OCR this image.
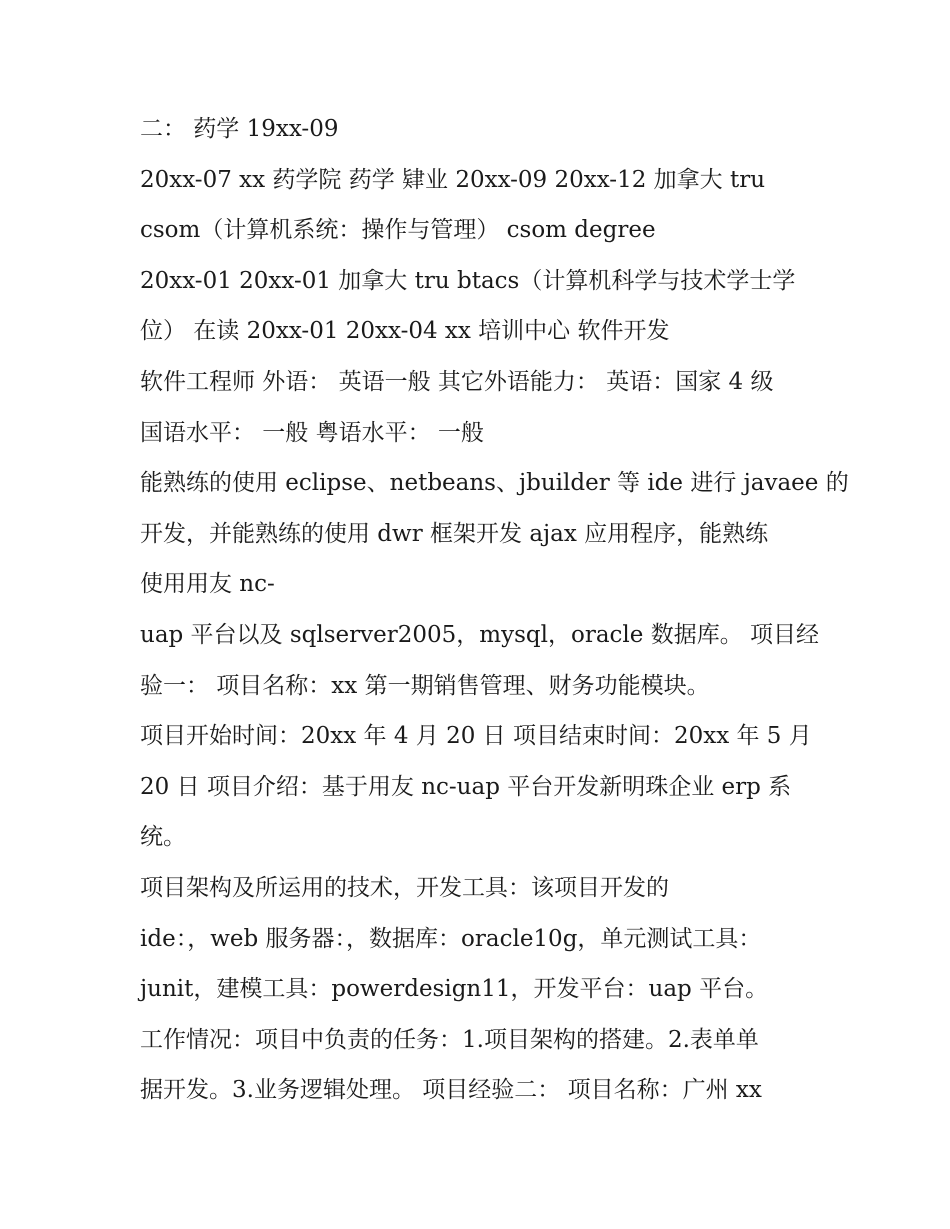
二： 药学 19xx-09
20xx-07 xx 药学院 药学 肄业 20xx-09 20xx-12 加拿大 tru
csom（计算机系统：操作与管理） csom degree
20xx-01 20xx-01 加拿大 tru btacs（计算机科学与技术学士学
位） 在读 20xx-01 20xx-04 xx 培训中心 软件开发
软件工程师 外语： 英语一般 其它外语能力： 英语：国家 4 级
国语水平： 一般 粤语水平： 一般
能熟练的使用 eclipse、netbeans、jbuilder 等 ide 进行 javaee 的
开发，并能熟练的使用 dwr 框架开发 ajax 应用程序，能熟练
使用用友 nc-
uap 平台以及 sqlserver2005，mysql，oracle 数据库。 项目经
验一： 项目名称：xx 第一期销售管理、财务功能模块。
项目开始时间：20xx 年 4 月 20 日 项目结束时间：20xx 年 5 月
20 日 项目介绍：基于用友 nc-uap 平台开发新明珠企业 erp 系
统。
项目架构及所运用的技术，开发工具：该项目开发的
ide：，web 服务器：，数据库：oracle10g，单元测试工具：
junit，建模工具：powerdesign11，开发平台：uap 平台。
工作情况：项目中负责的任务：1.项目架构的搭建。2.表单单
据开发。3.业务逻辑处理。 项目经验二： 项目名称：广州 xx
